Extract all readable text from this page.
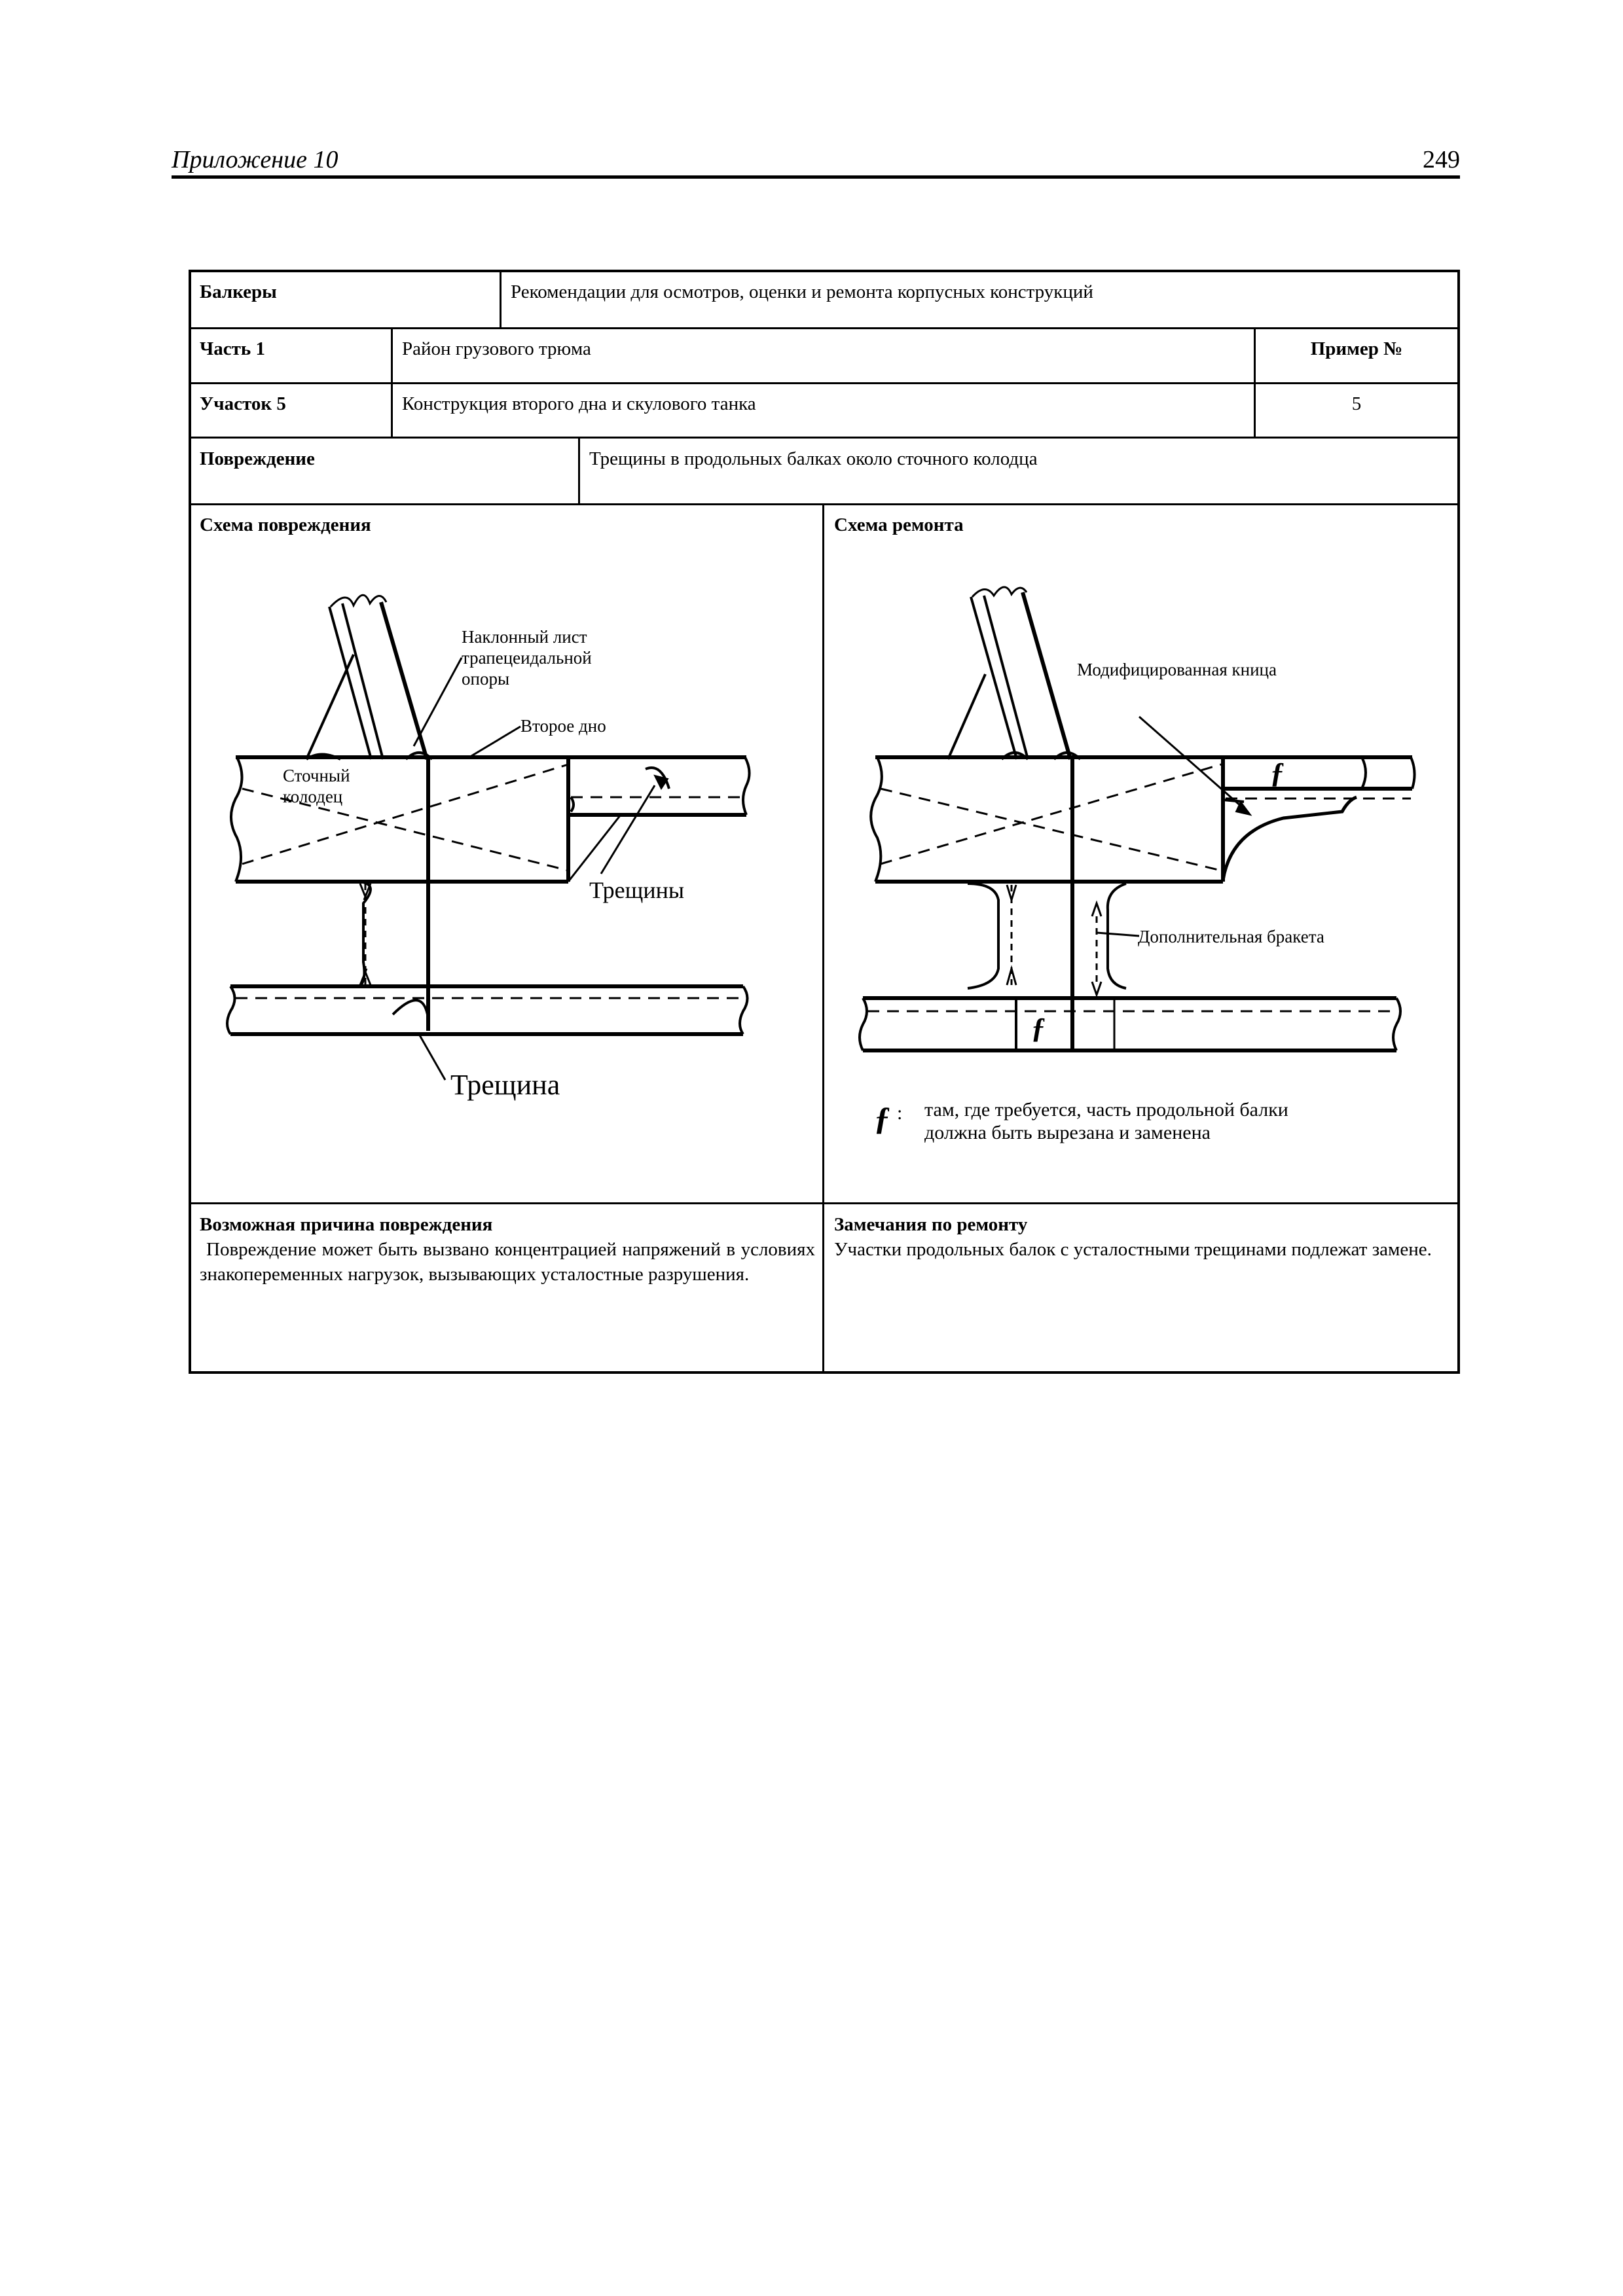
Приложение 10	249
Балкеры	Рекомендации для осмотров, оценки и ремонта корпусных конструкций
Часть 1	Район грузового трюма	Пример №
Участок 5	Конструкция второго дна и скулового танка	5
Повреждение	Трещины в продольных балках около сточного колодца
Схема повреждения	Схема ремонта
Возможная причина повреждения
Повреждение может быть вызвано концентрацией напряжений в условиях знакопеременных нагрузок, вызывающих усталостные разрушения.
Замечания по ремонту
Участки продольных балок с усталостными трещинами подлежат замене.
Наклонный лист
трапецеидальной
опоры
Второе дно
Сточный
колодец
Трещины
Трещина
Модифицированная кница
Дополнительная бракета
ƒ
ƒ
ƒ : там, где требуется, часть продольной балки
должна быть вырезана и заменена
